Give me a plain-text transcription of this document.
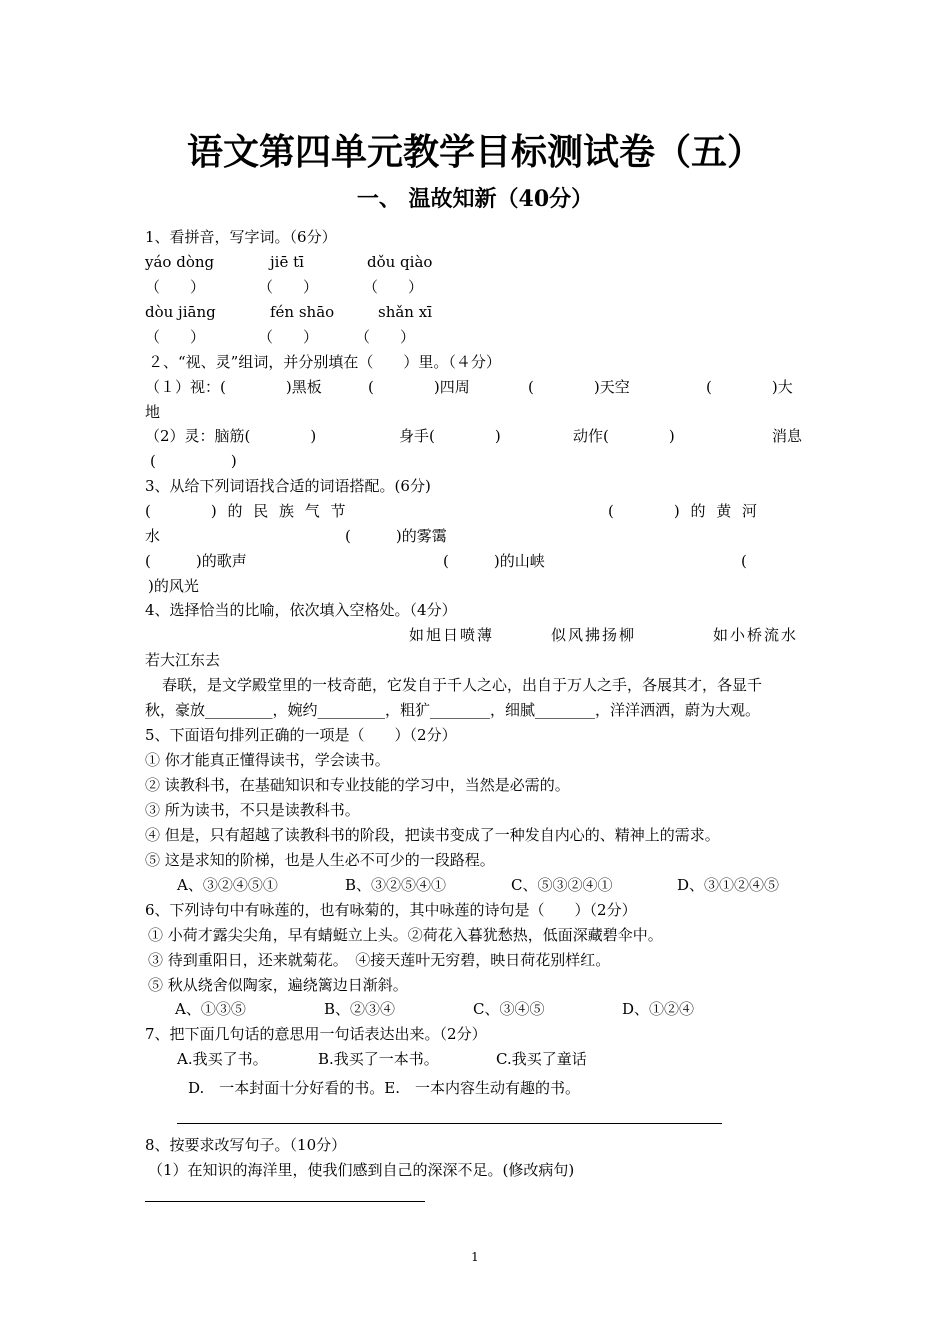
语文第四单元教学目标测试卷（五）
一、 温故知新（40分）
1、看拼音，写字词。（6分）
yáo dòng	jiē tī	dǒu qiào
（　　）	（　　）	（　　）
dòu jiāng	fén shāo	shǎn xī
（　　）	（　　） （　　）
２、“视、灵”组词，并分别填在（　　）里。（４分）
（１）视：(　　　　)黑板	(　　　　)四周	(　　　　)天空	(　　　　)大
地
（2）灵：脑筋(　　　　)	身手(　　　　)	动作(　　　　)	消息
(　　　　　)
3、从给下列词语找合适的词语搭配。(6分)
(　　　　) 的 民 族 气 节	(　　　　) 的 黄 河
水	(　　　)的雾霭
(　　　)的歌声	(　　　)的山峡	(
)的风光
4、选择恰当的比喻，依次填入空格处。（4分）
如旭日喷薄	似风拂扬柳	如小桥流水
若大江东去
春联，是文学殿堂里的一枝奇葩，它发自于千人之心，出自于万人之手，各展其才，各显千
秋，豪放_________，婉约_________，粗犷________，细腻________，洋洋洒洒，蔚为大观。
5、下面语句排列正确的一项是（　　）（2分）
① 你才能真正懂得读书，学会读书。
② 读教科书，在基础知识和专业技能的学习中，当然是必需的。
③ 所为读书，不只是读教科书。
④ 但是，只有超越了读教科书的阶段，把读书变成了一种发自内心的、精神上的需求。
⑤ 这是求知的阶梯，也是人生必不可少的一段路程。
A、③②④⑤①	B、③②⑤④①	C、⑤③②④①	D、③①②④⑤
6、下列诗句中有咏莲的，也有咏菊的，其中咏莲的诗句是（　　）（2分）
① 小荷才露尖尖角，早有蜻蜓立上头。②荷花入暮犹愁热，低面深藏碧伞中。
③ 待到重阳日，还来就菊花。　④接天莲叶无穷碧，映日荷花别样红。
⑤ 秋从绕舍似陶家，遍绕篱边日渐斜。
A、①③⑤	B、②③④	C、③④⑤	D、①②④
7、把下面几句话的意思用一句话表达出来。（2分）
A.我买了书。	B.我买了一本书。	C.我买了童话
D.　一本封面十分好看的书。E.　一本内容生动有趣的书。
8、按要求改写句子。（10分）
（1）在知识的海洋里，使我们感到自己的深深不足。(修改病句)
1
